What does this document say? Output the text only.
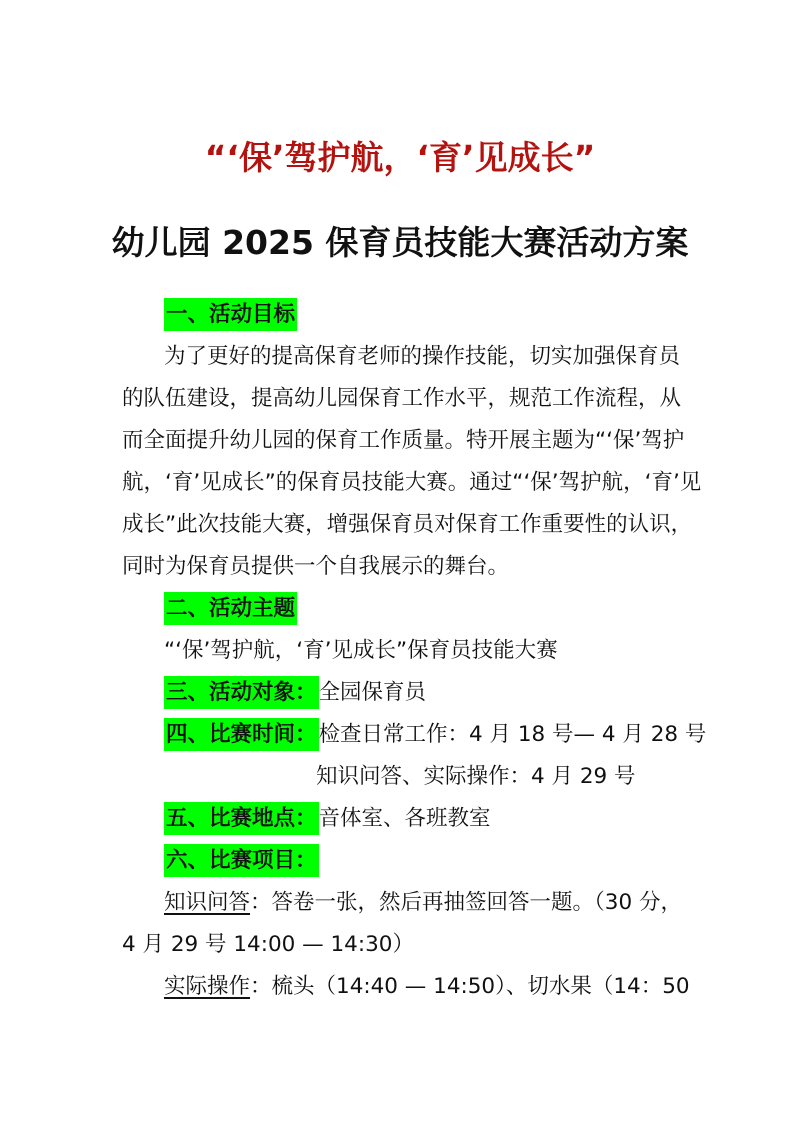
“‘保’驾护航，‘育’见成长”
幼儿园 2025 保育员技能大赛活动方案
一、活动目标
为了更好的提高保育老师的操作技能，切实加强保育员
的队伍建设，提高幼儿园保育工作水平，规范工作流程，从
而全面提升幼儿园的保育工作质量。特开展主题为“‘保’驾护
航，‘育’见成长”的保育员技能大赛。通过“‘保’驾护航，‘育’见
成长”此次技能大赛，增强保育员对保育工作重要性的认识，
同时为保育员提供一个自我展示的舞台。
二、活动主题
“‘保’驾护航，‘育’见成长”保育员技能大赛
三、活动对象：全园保育员
四、比赛时间：检查日常工作：4 月 18 号— 4 月 28 号
知识问答、实际操作：4 月 29 号
五、比赛地点：音体室、各班教室
六、比赛项目：
知识问答：答卷一张，然后再抽签回答一题。（30 分，
4 月 29 号 14:00 — 14:30）
实际操作：梳头（14:40 — 14:50）、切水果（14：50
